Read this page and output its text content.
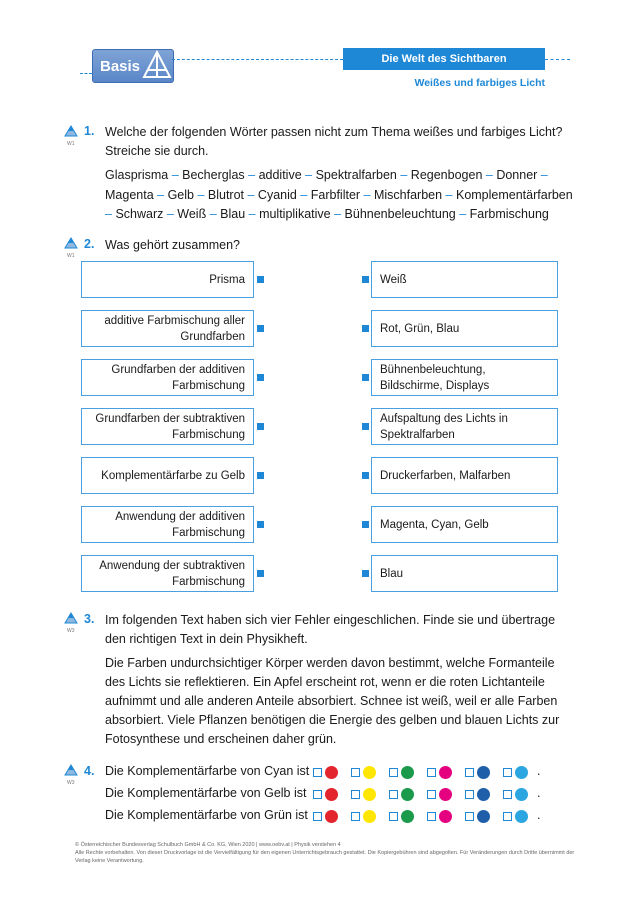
Basis	Die Welt des Sichtbaren
Weißes und farbiges Licht
W1
1. Welche der folgenden Wörter passen nicht zum Thema weißes und farbiges Licht? Streiche sie durch.
Glasprisma – Becherglas – additive – Spektralfarben – Regenbogen – Donner – Magenta – Gelb – Blutrot – Cyanid – Farbfilter – Mischfarben – Komplementärfarben – Schwarz – Weiß – Blau – multiplikative – Bühnenbeleuchtung – Farbmischung
W1
2. Was gehört zusammen?
Prisma
additive Farbmischung aller Grundfarben
Grundfarben der additiven Farbmischung
Grundfarben der subtraktiven Farbmischung
Komplementärfarbe zu Gelb
Anwendung der additiven Farbmischung
Anwendung der subtraktiven Farbmischung
Weiß
Rot, Grün, Blau
Bühnenbeleuchtung, Bildschirme, Displays
Aufspaltung des Lichts in Spektralfarben
Druckerfarben, Malfarben
Magenta, Cyan, Gelb
Blau
W3
3. Im folgenden Text haben sich vier Fehler eingeschlichen. Finde sie und übertrage den richtigen Text in dein Physikheft.
Die Farben undurchsichtiger Körper werden davon bestimmt, welche Formanteile des Lichts sie reflektieren. Ein Apfel erscheint rot, wenn er die roten Lichtanteile aufnimmt und alle anderen Anteile absorbiert. Schnee ist weiß, weil er alle Farben absorbiert. Viele Pflanzen benötigen die Energie des gelben und blauen Lichts zur Fotosynthese und erscheinen daher grün.
W3
4. Die Komplementärfarbe von Cyan ist	.
Die Komplementärfarbe von Gelb ist	.
Die Komplementärfarbe von Grün ist	.
© Österreichischer Bundesverlag Schulbuch GmbH & Co. KG, Wien 2020 | www.oebv.at | Physik verstehen 4
Alle Rechte vorbehalten. Von dieser Druckvorlage ist die Vervielfältigung für den eigenen Unterrichtsgebrauch gestattet. Die Kopiergebühren sind abgegolten. Für Veränderungen durch Dritte übernimmt der Verlag keine Verantwortung.
